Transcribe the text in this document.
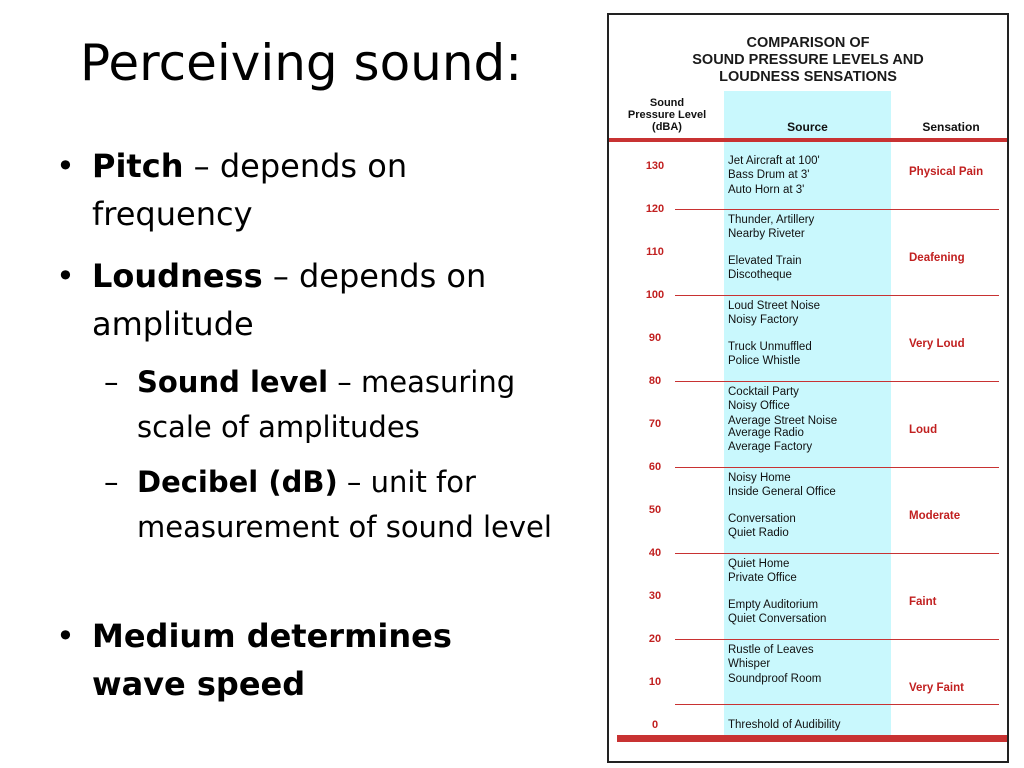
Perceiving sound:
• Pitch – depends on frequency
• Loudness – depends on amplitude
– Sound level – measuring scale of amplitudes
– Decibel (dB) – unit for measurement of sound level
• Medium determines wave speed
COMPARISON OF
SOUND PRESSURE LEVELS AND
LOUDNESS SENSATIONS
Sound
Pressure Level
(dBA)	Source	Sensation
130
120
110
100
90
80
70
60
50
40
30
20
10
0
Jet Aircraft at 100'
Bass Drum at 3'
Auto Horn at 3'
Thunder, Artillery
Nearby Riveter
Elevated Train
Discotheque
Loud Street Noise
Noisy Factory
Truck Unmuffled
Police Whistle
Cocktail Party
Noisy Office
Average Street Noise
Average Radio
Average Factory
Noisy Home
Inside General Office
Conversation
Quiet Radio
Quiet Home
Private Office
Empty Auditorium
Quiet Conversation
Rustle of Leaves
Whisper
Soundproof Room
Threshold of Audibility
Physical Pain
Deafening
Very Loud
Loud
Moderate
Faint
Very Faint
